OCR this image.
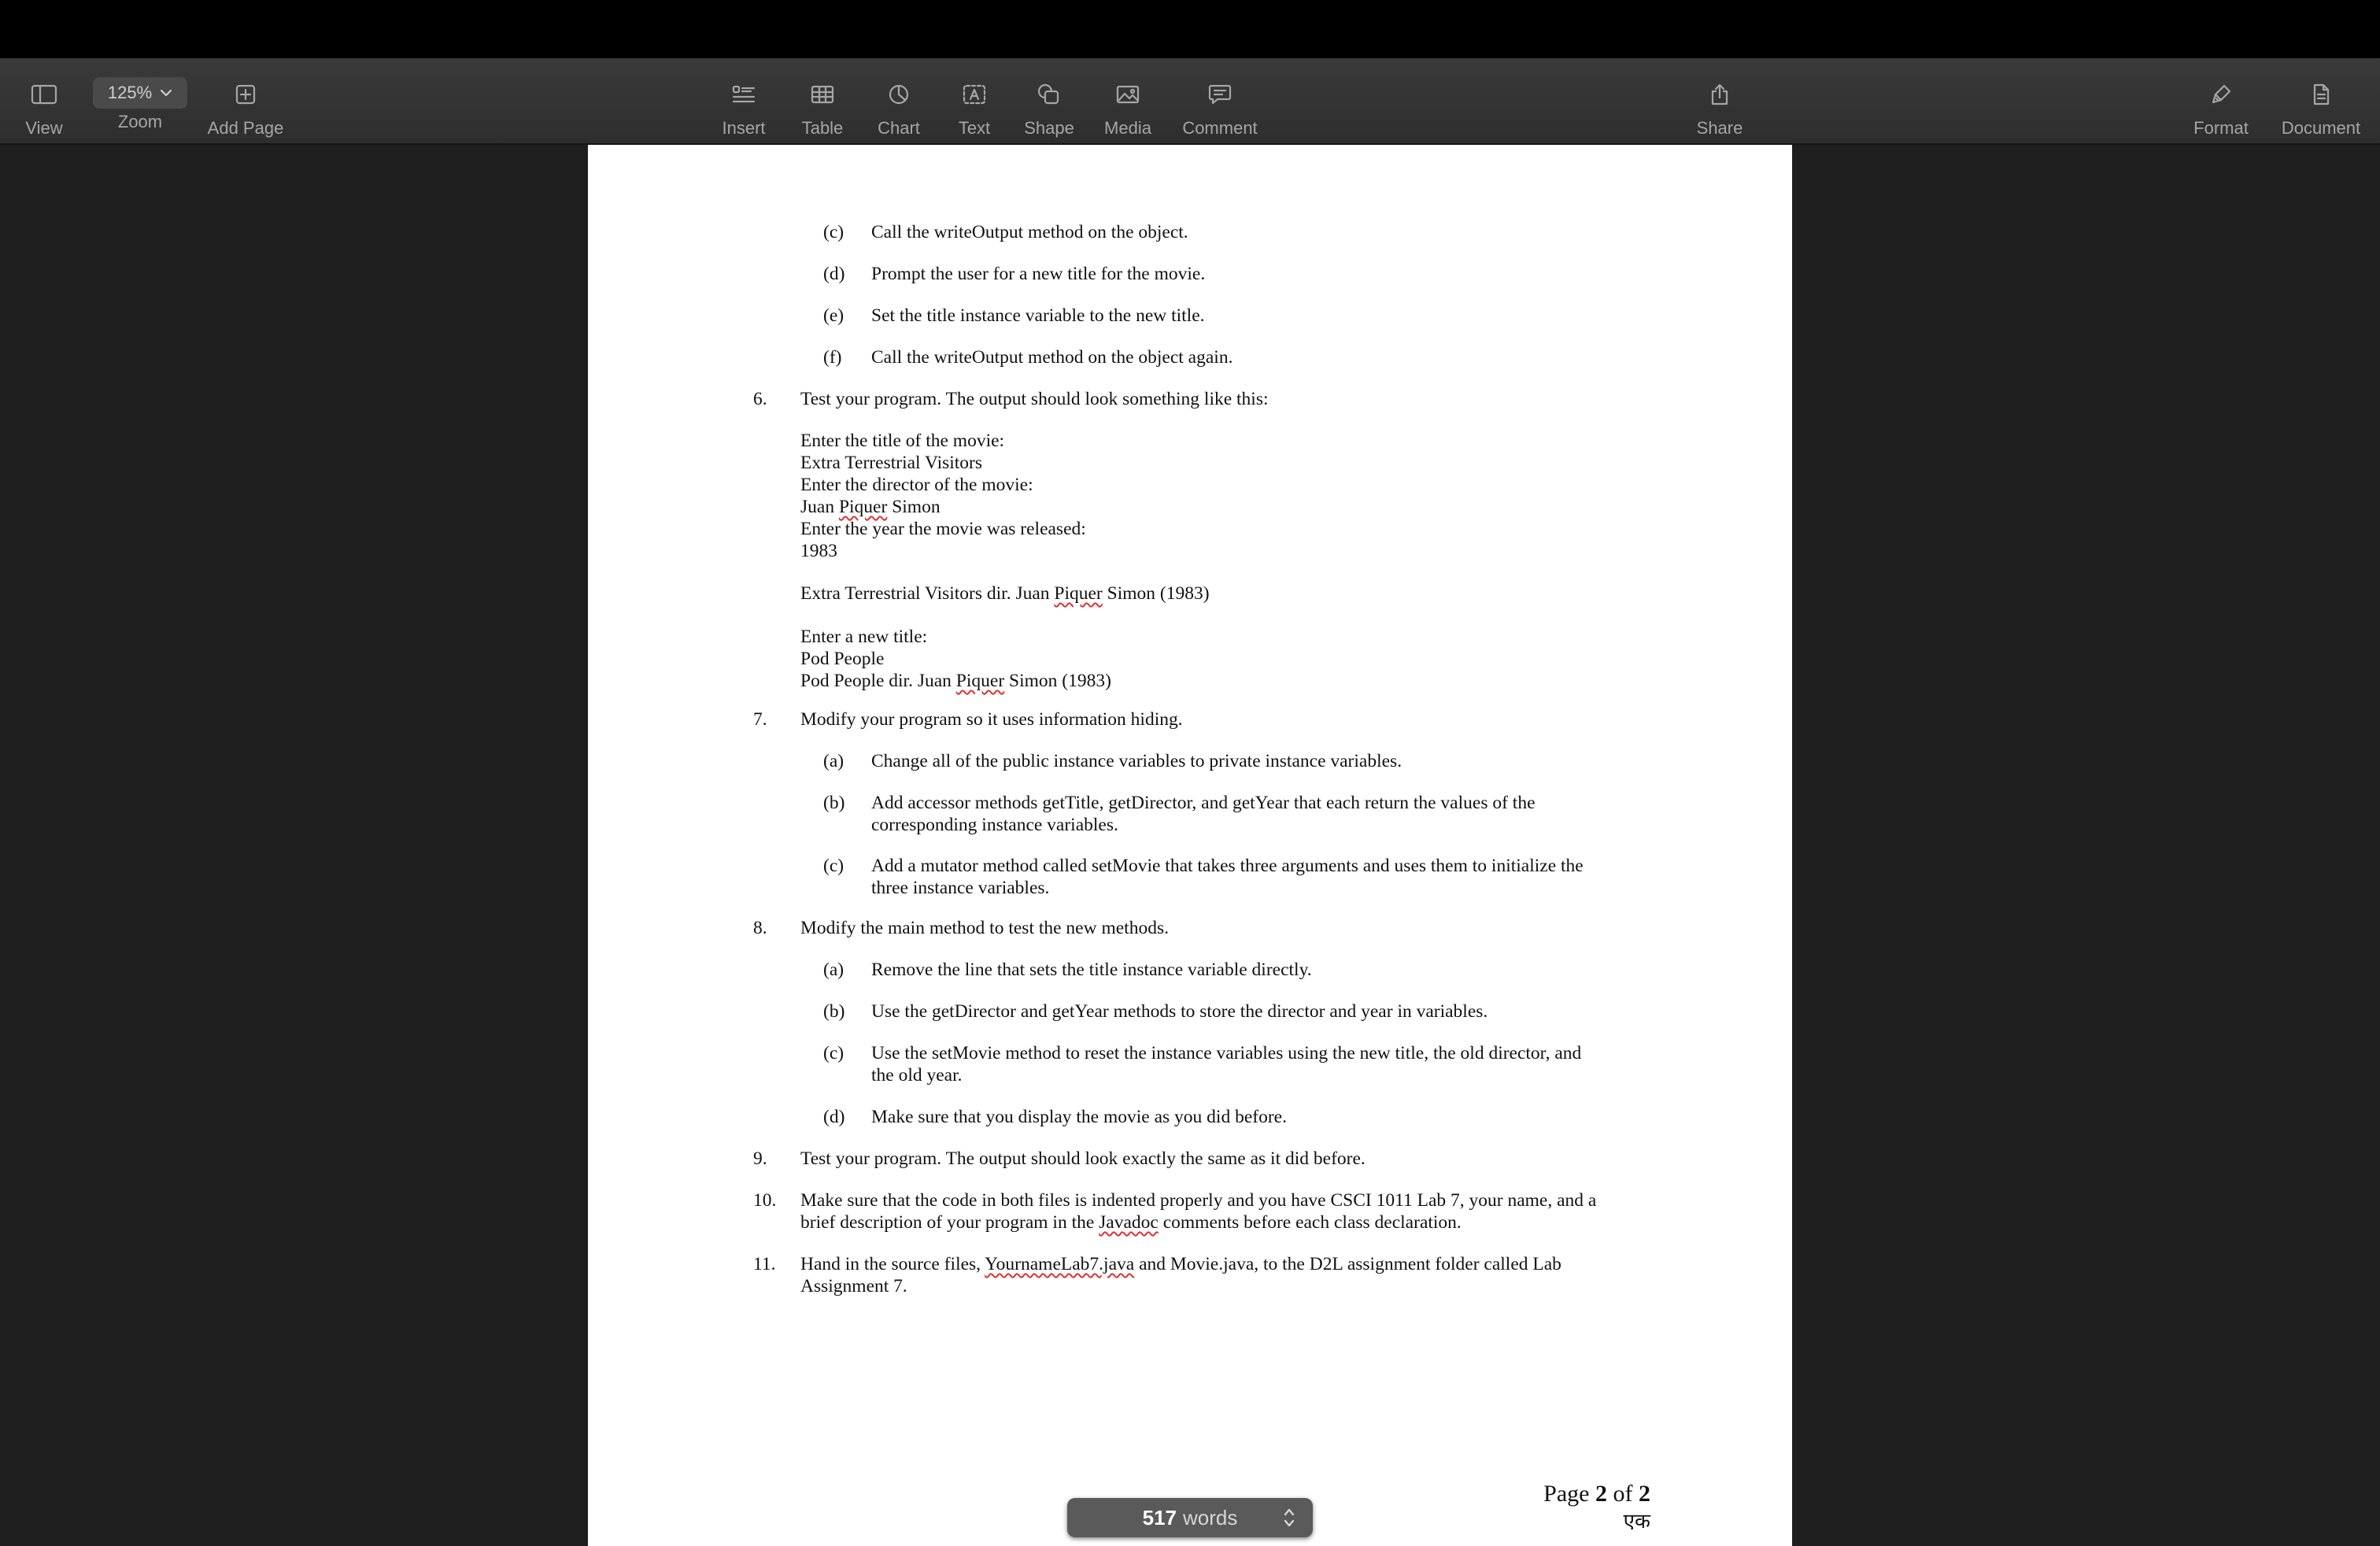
View
125%
Zoom	Add Page	Insert Table Chart Text Shape Media Comment	Share	Format Document
(c) Call the writeOutput method on the object.
(d) Prompt the user for a new title for the movie.
(e) Set the title instance variable to the new title.
(f) Call the writeOutput method on the object again.
6. Test your program. The output should look something like this:
Enter the title of the movie:
Extra Terrestrial Visitors
Enter the director of the movie:
Juan Piquer Simon
Enter the year the movie was released:
1983
Extra Terrestrial Visitors dir. Juan Piquer Simon (1983)
Enter a new title:
Pod People
Pod People dir. Juan Piquer Simon (1983)
7. Modify your program so it uses information hiding.
(a) Change all of the public instance variables to private instance variables.
(b) Add accessor methods getTitle, getDirector, and getYear that each return the values of the
corresponding instance variables.
(c) Add a mutator method called setMovie that takes three arguments and uses them to initialize the
three instance variables.
8. Modify the main method to test the new methods.
(a) Remove the line that sets the title instance variable directly.
(b) Use the getDirector and getYear methods to store the director and year in variables.
(c) Use the setMovie method to reset the instance variables using the new title, the old director, and
the old year.
(d) Make sure that you display the movie as you did before.
9. Test your program. The output should look exactly the same as it did before.
10. Make sure that the code in both files is indented properly and you have CSCI 1011 Lab 7, your name, and a
brief description of your program in the Javadoc comments before each class declaration.
11. Hand in the source files, YournameLab7.java and Movie.java, to the D2L assignment folder called Lab
Assignment 7.
Page 2 of 2
एक
517 words
